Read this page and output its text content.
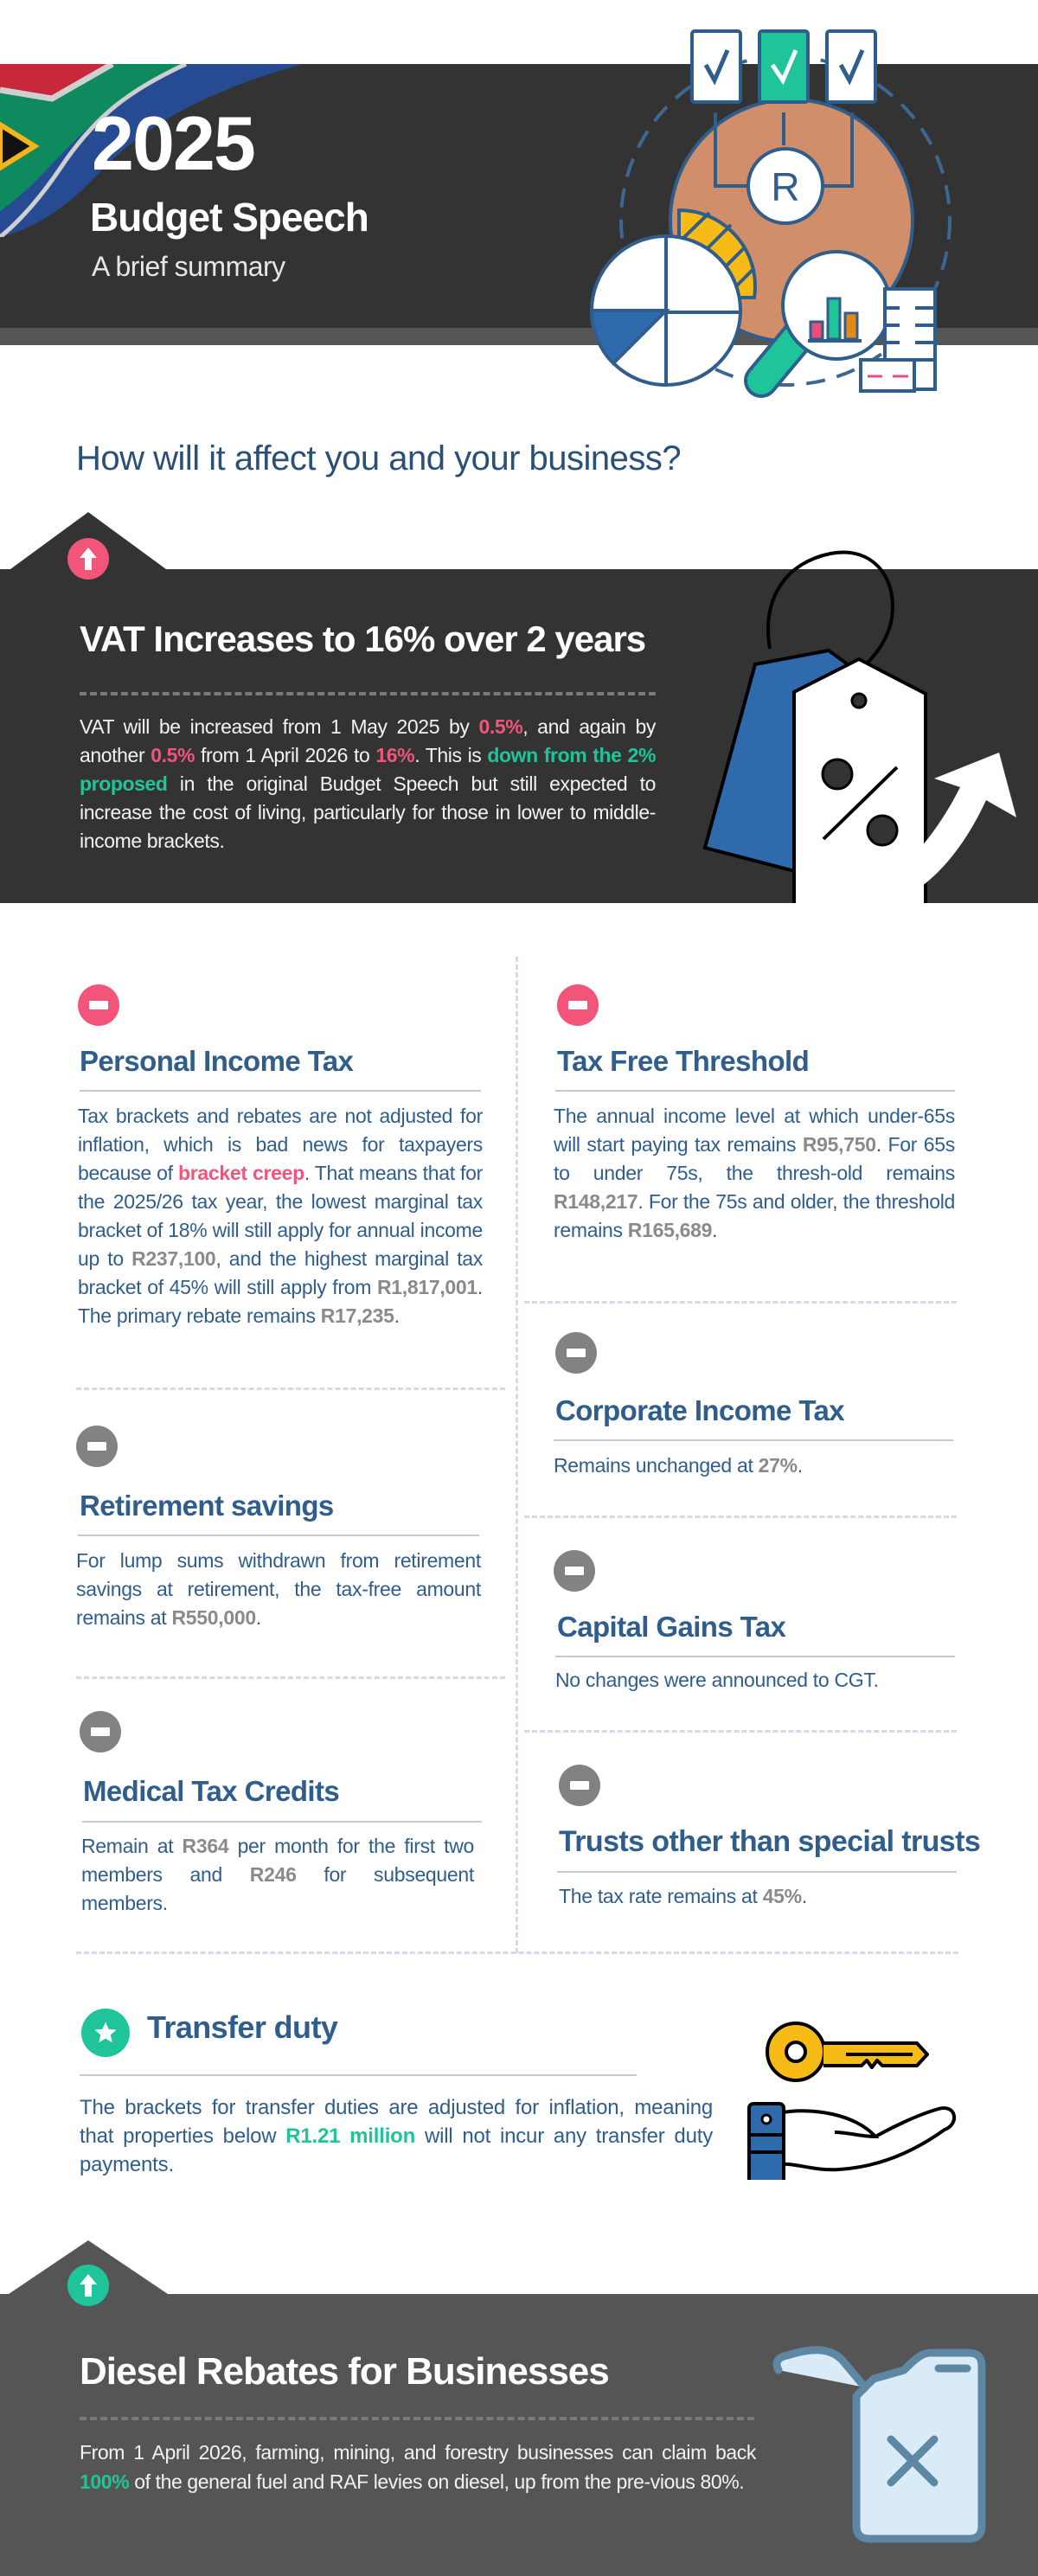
2025
Budget Speech
A brief summary
R
How will it affect you and your business?
VAT Increases to 16% over 2 years
VAT will be increased from 1 May 2025 by 0.5%, and again by another 0.5% from 1 April 2026 to 16%. This is down from the 2% proposed in the original Budget Speech but still expected to increase the cost of living, particularly for those in lower to middle-income brackets.
Personal Income Tax
Tax brackets and rebates are not adjusted for inflation, which is bad news for taxpayers because of bracket creep. That means that for the 2025/26 tax year, the lowest marginal tax bracket of 18% will still apply for annual income up to R237,100, and the highest marginal tax bracket of 45% will still apply from R1,817,001. The primary rebate remains R17,235.
Retirement savings
For lump sums withdrawn from retirement savings at retirement, the tax-free amount remains at R550,000.
Medical Tax Credits
Remain at R364 per month for the first two members and R246 for subsequent members.
Tax Free Threshold
The annual income level at which under-65s will start paying tax remains R95,750. For 65s to under 75s, the thresh-old remains R148,217. For the 75s and older, the threshold remains R165,689.
Corporate Income Tax
Remains unchanged at 27%.
Capital Gains Tax
No changes were announced to CGT.
Trusts other than special trusts
The tax rate remains at 45%.
Transfer duty
The brackets for transfer duties are adjusted for inflation, meaning that properties below R1.21 million will not incur any transfer duty payments.
Diesel Rebates for Businesses
From 1 April 2026, farming, mining, and forestry businesses can claim back 100% of the general fuel and RAF levies on diesel, up from the pre-vious 80%.
